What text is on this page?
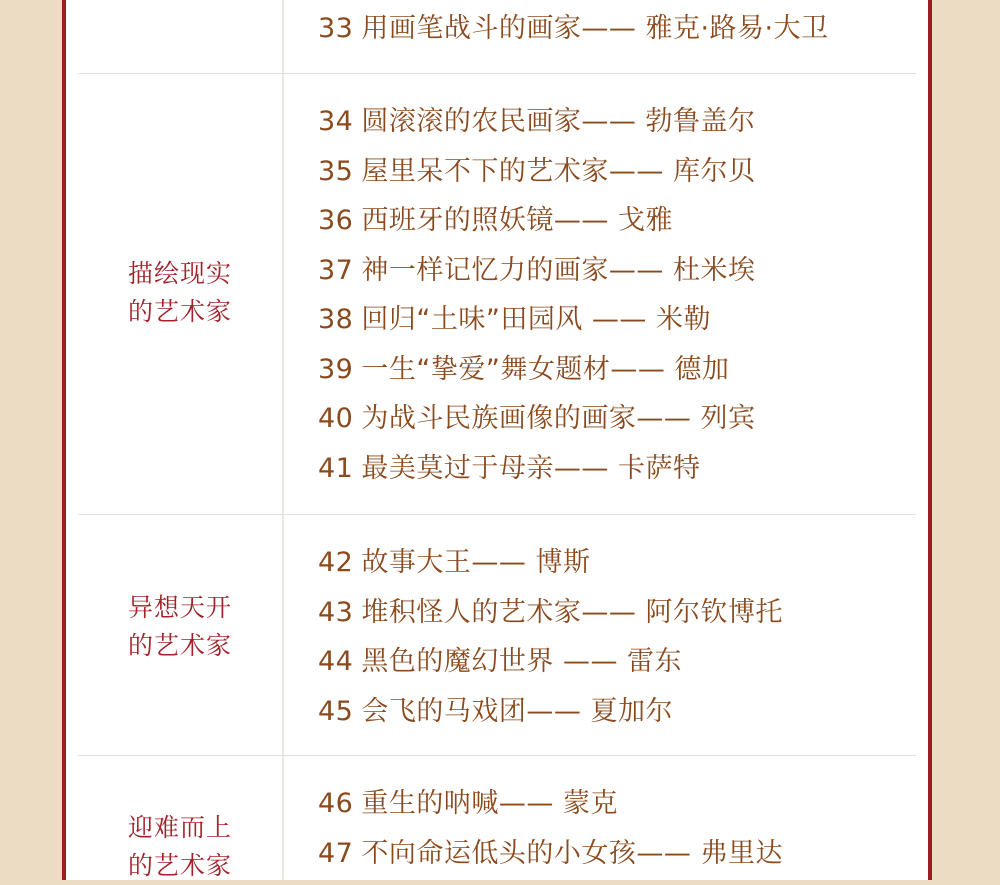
33 用画笔战斗的画家—— 雅克·路易·大卫
描绘现实
的艺术家
34 圆滚滚的农民画家—— 勃鲁盖尔
35 屋里呆不下的艺术家—— 库尔贝
36 西班牙的照妖镜—— 戈雅
37 神一样记忆力的画家—— 杜米埃
38 回归“土味”田园风 —— 米勒
39 一生“挚爱”舞女题材—— 德加
40 为战斗民族画像的画家—— 列宾
41 最美莫过于母亲—— 卡萨特
异想天开
的艺术家
42 故事大王—— 博斯
43 堆积怪人的艺术家—— 阿尔钦博托
44 黑色的魔幻世界 —— 雷东
45 会飞的马戏团—— 夏加尔
迎难而上
的艺术家
46 重生的呐喊—— 蒙克
47 不向命运低头的小女孩—— 弗里达
